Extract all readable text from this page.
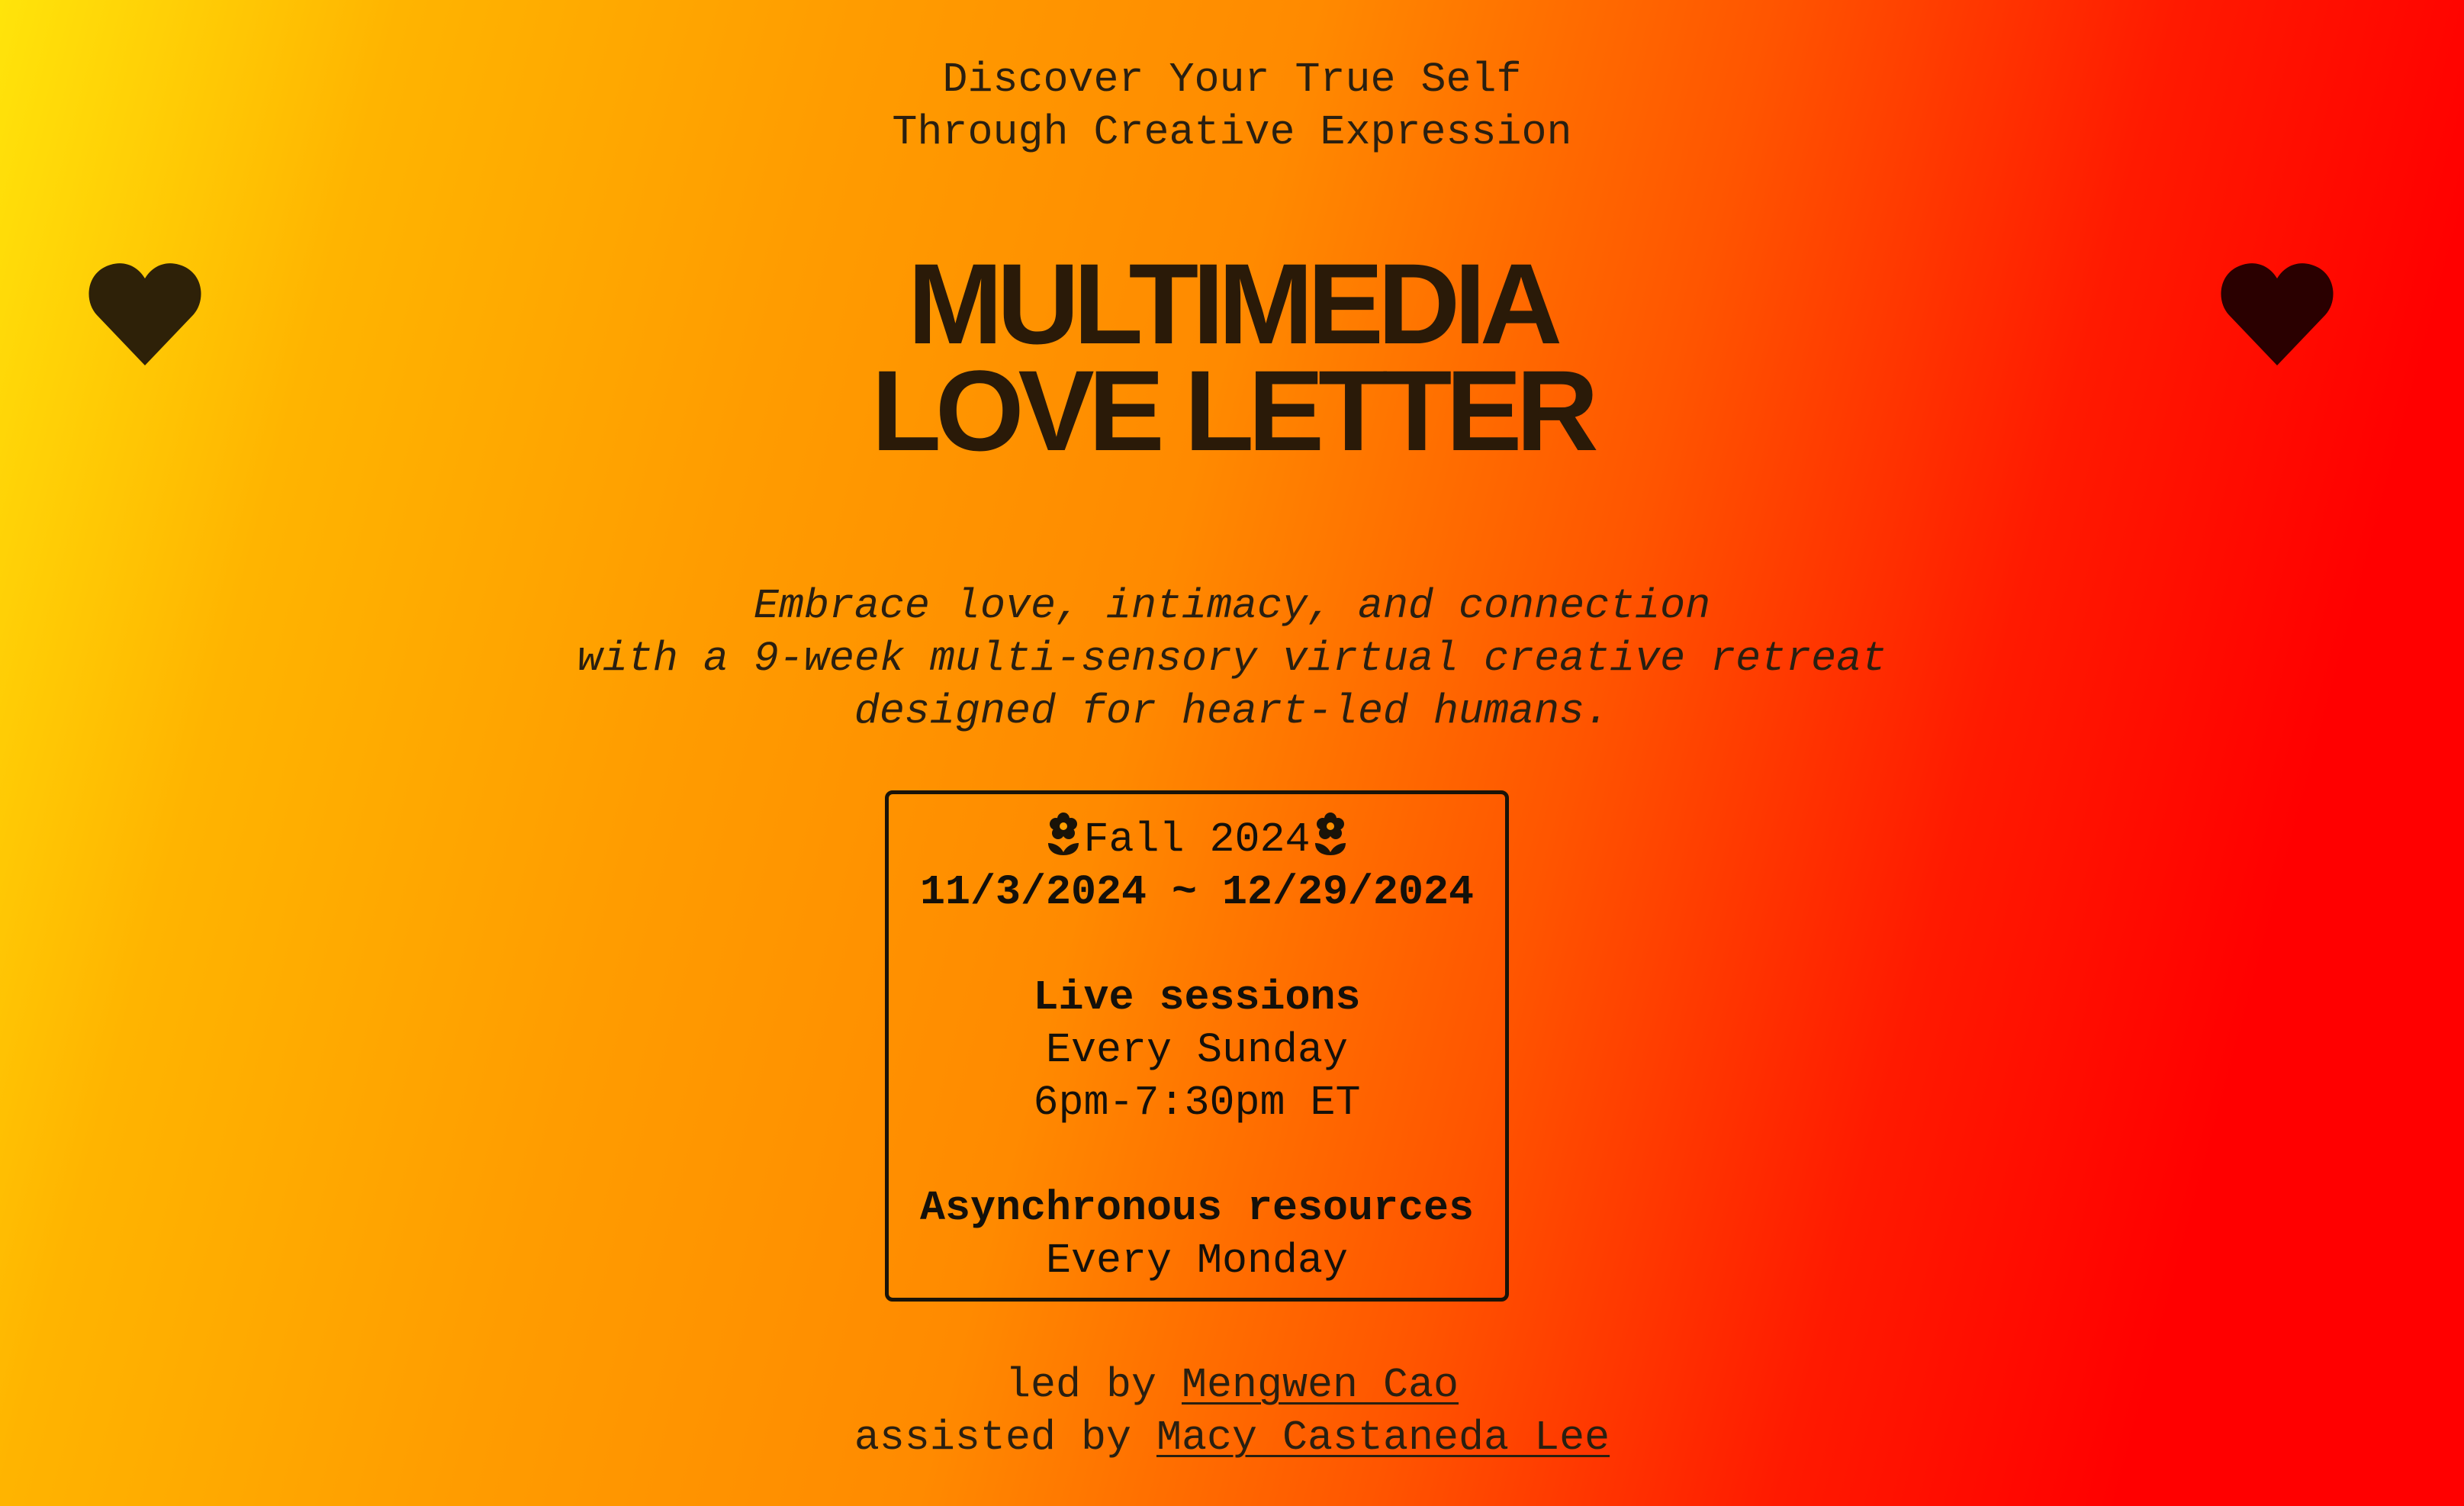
Discover Your True Self
Through Creative Expression
MULTIMEDIA
LOVE LETTER
Embrace love, intimacy, and connection
with a 9-week multi-sensory virtual creative retreat
designed for heart-led humans.
Fall 2024
11/3/2024 ~ 12/29/2024
Live sessions
Every Sunday
6pm-7:30pm ET
Asynchronous resources
Every Monday
led by Mengwen Cao
assisted by Macy Castaneda Lee
